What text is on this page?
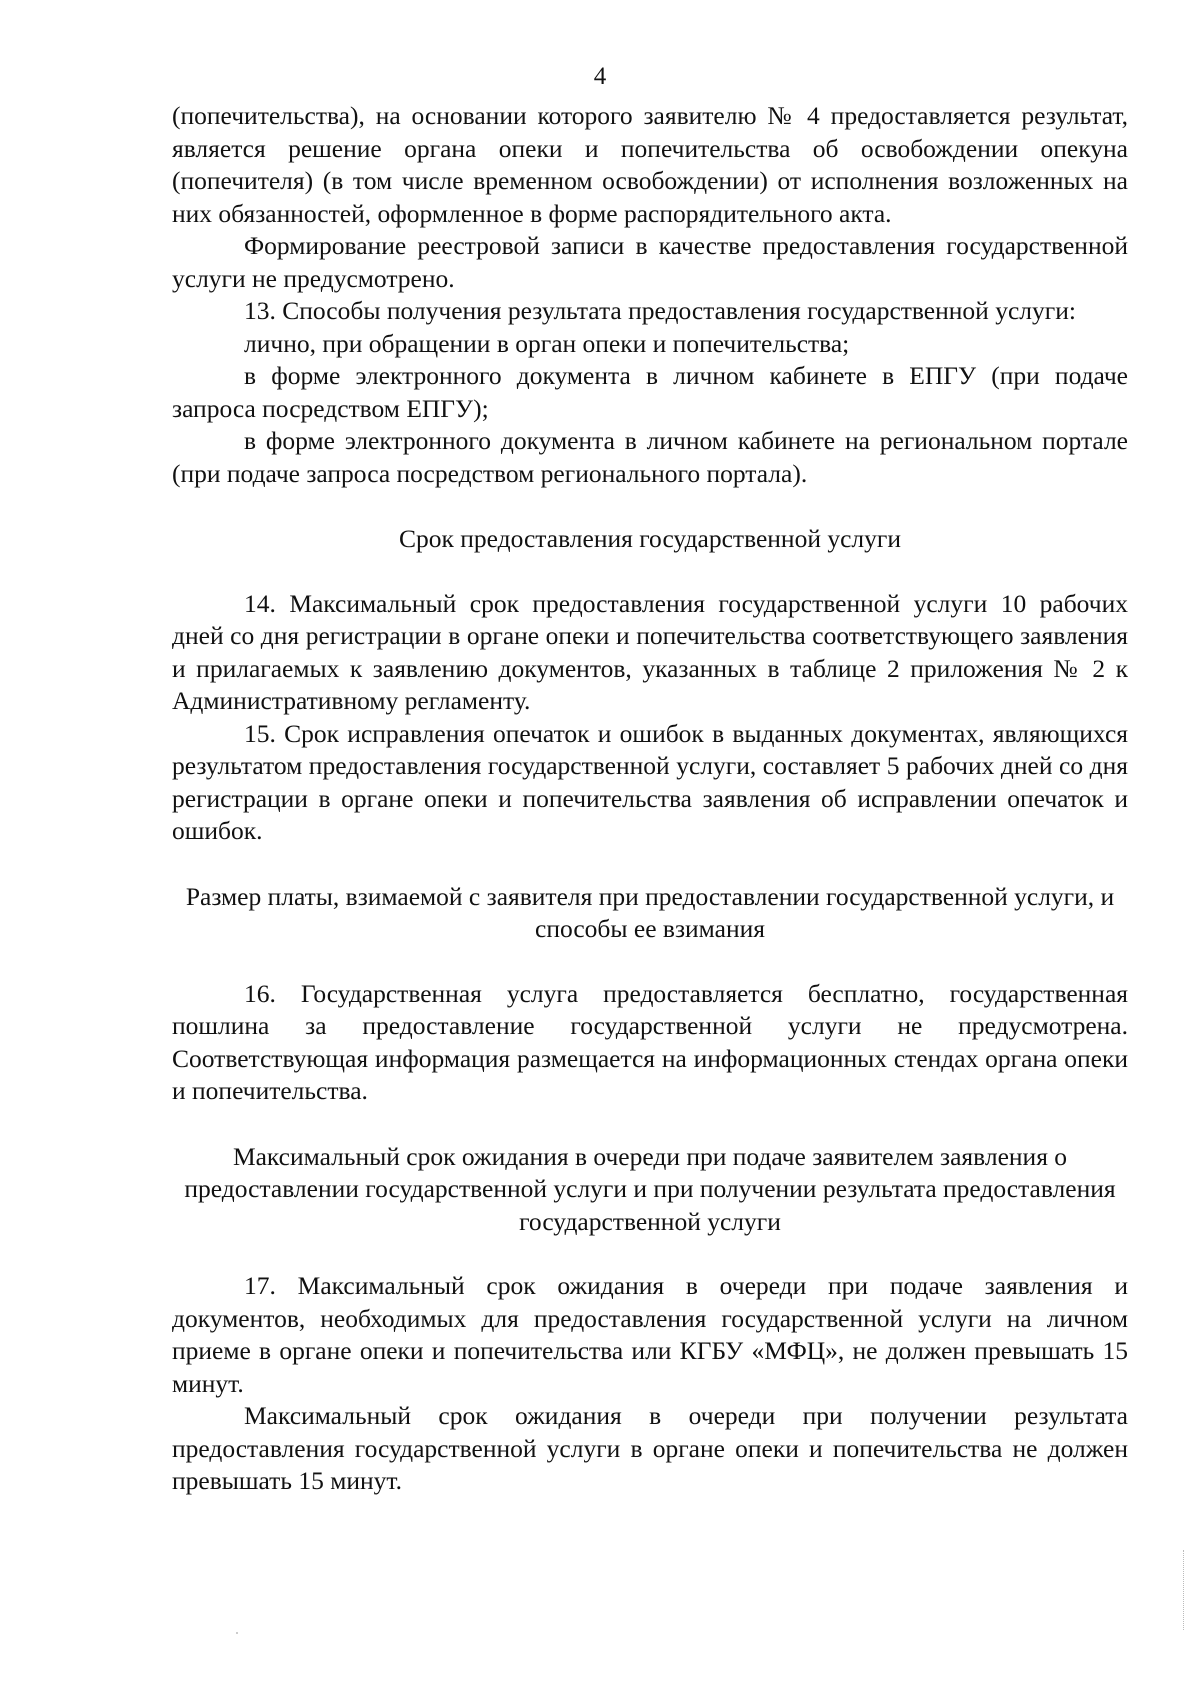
4

(попечительства), на основании которого заявителю № 4 предоставляется результат, является решение органа опеки и попечительства об освобождении опекуна (попечителя) (в том числе временном освобождении) от исполнения возложенных на них обязанностей, оформленное в форме распорядительного акта.

Формирование реестровой записи в качестве предоставления государственной услуги не предусмотрено.

13. Способы получения результата предоставления государственной услуги:

лично, при обращении в орган опеки и попечительства;

в форме электронного документа в личном кабинете в ЕПГУ (при подаче запроса посредством ЕПГУ);

в форме электронного документа в личном кабинете на региональном портале (при подаче запроса посредством регионального портала).

Срок предоставления государственной услуги

14. Максимальный срок предоставления государственной услуги 10 рабочих дней со дня регистрации в органе опеки и попечительства соответствующего заявления и прилагаемых к заявлению документов, указанных в таблице 2 приложения № 2 к Административному регламенту.

15. Срок исправления опечаток и ошибок в выданных документах, являющихся результатом предоставления государственной услуги, составляет 5 рабочих дней со дня регистрации в органе опеки и попечительства заявления об исправлении опечаток и ошибок.

Размер платы, взимаемой с заявителя при предоставлении государственной услуги, и способы ее взимания

16. Государственная услуга предоставляется бесплатно, государственная пошлина за предоставление государственной услуги не предусмотрена. Соответствующая информация размещается на информационных стендах органа опеки и попечительства.

Максимальный срок ожидания в очереди при подаче заявителем заявления о предоставлении государственной услуги и при получении результата предоставления государственной услуги

17. Максимальный срок ожидания в очереди при подаче заявления и документов, необходимых для предоставления государственной услуги на личном приеме в органе опеки и попечительства или КГБУ «МФЦ», не должен превышать 15 минут.

Максимальный срок ожидания в очереди при получении результата предоставления государственной услуги в органе опеки и попечительства не должен превышать 15 минут.
